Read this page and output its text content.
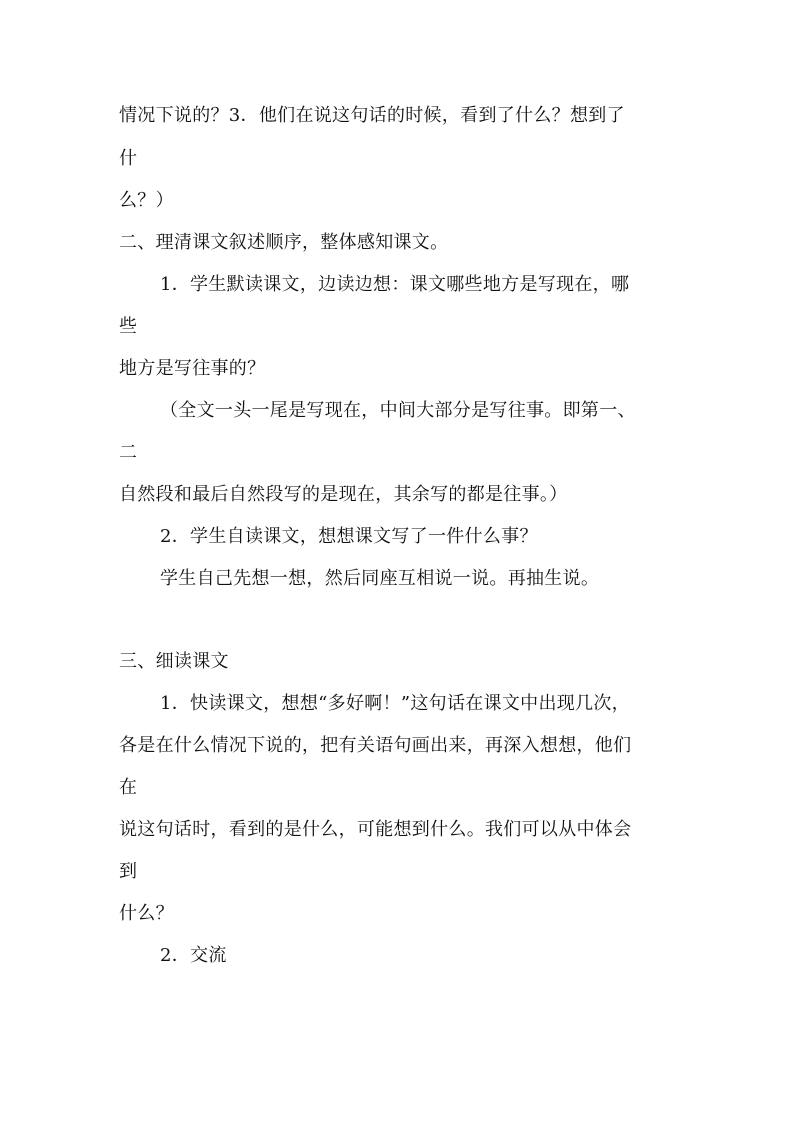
情况下说的？3．他们在说这句话的时候，看到了什么？想到了
什
么？）
二、理清课文叙述顺序，整体感知课文。
1．学生默读课文，边读边想：课文哪些地方是写现在，哪
些
地方是写往事的？
（全文一头一尾是写现在，中间大部分是写往事。即第一、
二
自然段和最后自然段写的是现在，其余写的都是往事。）
2．学生自读课文，想想课文写了一件什么事？
学生自己先想一想，然后同座互相说一说。再抽生说。
三、细读课文
1．快读课文，想想“多好啊！”这句话在课文中出现几次，
各是在什么情况下说的，把有关语句画出来，再深入想想，他们
在
说这句话时，看到的是什么，可能想到什么。我们可以从中体会
到
什么？
2．交流
